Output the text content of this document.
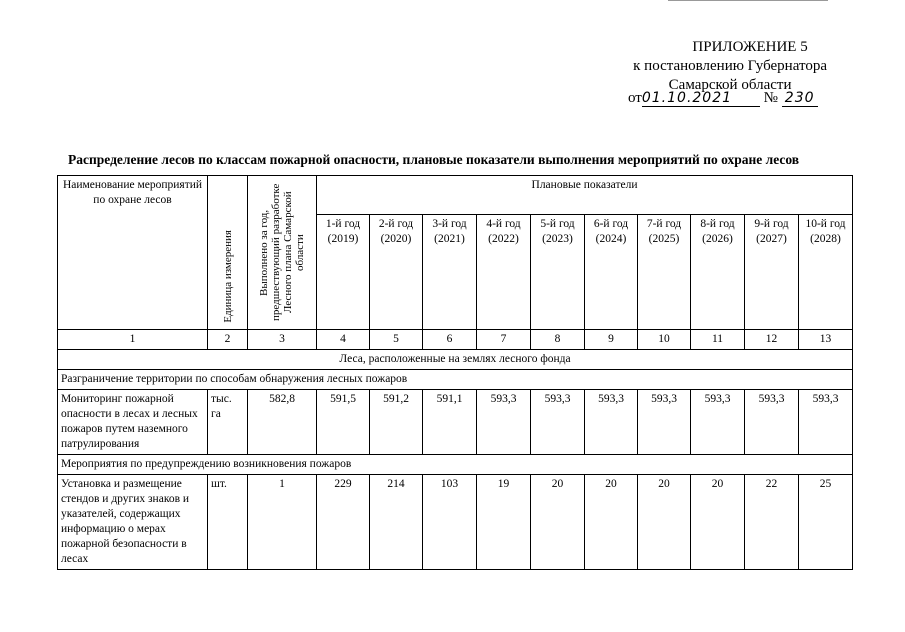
ПРИЛОЖЕНИЕ 5
к постановлению Губернатора
Самарской области
от01.10.2021 № 230
Распределение лесов по классам пожарной опасности, плановые показатели выполнения мероприятий по охране лесов
Наименование мероприятий по охране лесов	Единица измерения	Выполнено за год, предшествующий разработке Лесного плана Самарской области	Плановые показатели									
			1-й год (2019)	2-й год (2020)	3-й год (2021)	4-й год (2022)	5-й год (2023)	6-й год (2024)	7-й год (2025)	8-й год (2026)	9-й год (2027)	10-й год (2028)
1	2	3	4	5	6	7	8	9	10	11	12	13
Леса, расположенные на землях лесного фонда												
Разграничение территории по способам обнаружения лесных пожаров												
Мониторинг пожарной опасности в лесах и лесных пожаров путем наземного патрулирования	тыс. га	582,8	591,5	591,2	591,1	593,3	593,3	593,3	593,3	593,3	593,3	593,3
Мероприятия по предупреждению возникновения пожаров												
Установка и размещение стендов и других знаков и указателей, содержащих информацию о мерах пожарной безопасности в лесах	шт.	1	229	214	103	19	20	20	20	20	22	25
